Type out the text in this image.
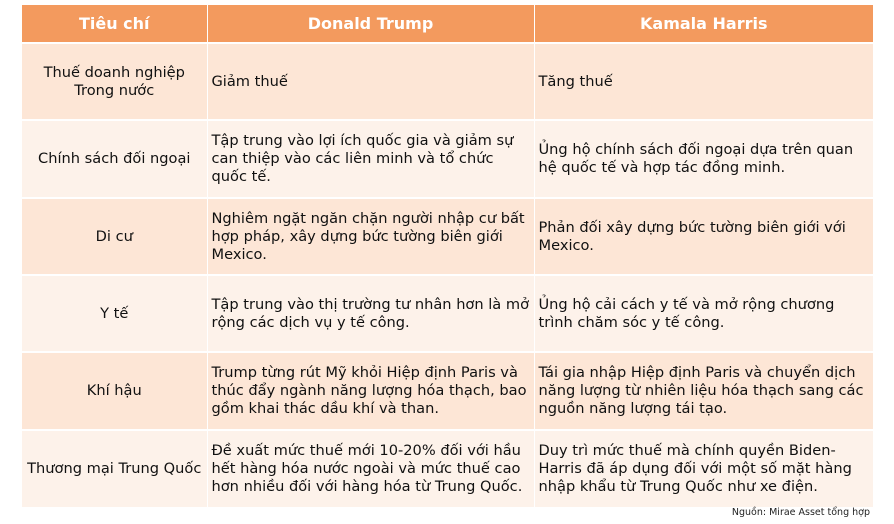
Tiêu chí	Donald Trump	Kamala Harris
Thuế doanh nghiệp Trong nước	Giảm thuế	Tăng thuế
Chính sách đối ngoại	Tập trung vào lợi ích quốc gia và giảm sự can thiệp vào các liên minh và tổ chức quốc tế.	Ủng hộ chính sách đối ngoại dựa trên quan hệ quốc tế và hợp tác đồng minh.
Di cư	Nghiêm ngặt ngăn chặn người nhập cư bất hợp pháp, xây dựng bức tường biên giới Mexico.	Phản đối xây dựng bức tường biên giới với Mexico.
Y tế	Tập trung vào thị trường tư nhân hơn là mở rộng các dịch vụ y tế công.	Ủng hộ cải cách y tế và mở rộng chương trình chăm sóc y tế công.
Khí hậu	Trump từng rút Mỹ khỏi Hiệp định Paris và thúc đẩy ngành năng lượng hóa thạch, bao gồm khai thác dầu khí và than.	Tái gia nhập Hiệp định Paris và chuyển dịch năng lượng từ nhiên liệu hóa thạch sang các nguồn năng lượng tái tạo.
Thương mại Trung Quốc	Đề xuất mức thuế mới 10-20% đối với hầu hết hàng hóa nước ngoài và mức thuế cao hơn nhiều đối với hàng hóa từ Trung Quốc.	Duy trì mức thuế mà chính quyền Biden-Harris đã áp dụng đối với một số mặt hàng nhập khẩu từ Trung Quốc như xe điện.
Nguồn: Mirae Asset tổng hợp
